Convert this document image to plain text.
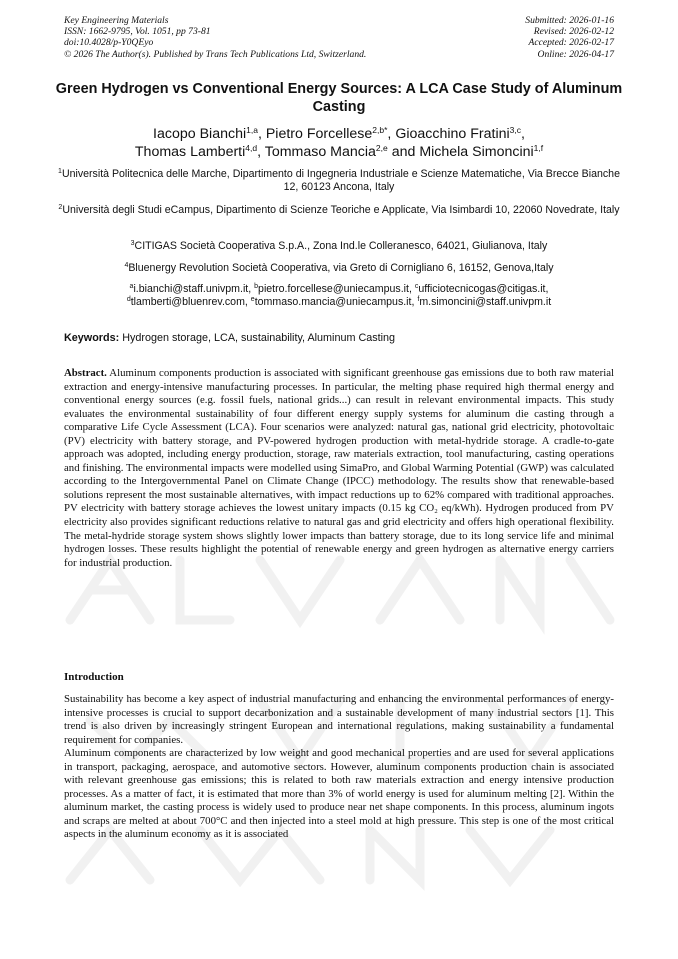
Key Engineering Materials
ISSN: 1662-9795, Vol. 1051, pp 73-81
doi:10.4028/p-Y0QEyo
© 2026 The Author(s). Published by Trans Tech Publications Ltd, Switzerland.
Submitted: 2026-01-16
Revised: 2026-02-12
Accepted: 2026-02-17
Online: 2026-04-17
Green Hydrogen vs Conventional Energy Sources: A LCA Case Study of Aluminum Casting
Iacopo Bianchi$^{1,a}$, Pietro Forcellese$^{2,b*}$, Gioacchino Fratini$^{3,c}$,
Thomas Lamberti$^{4,d}$, Tommaso Mancia$^{2,e}$ and Michela Simoncini$^{1,f}$
$^1$Università Politecnica delle Marche, Dipartimento di Ingegneria Industriale e Scienze Matematiche, Via Brecce Bianche 12, 60123 Ancona, Italy
$^2$Università degli Studi eCampus, Dipartimento di Scienze Teoriche e Applicate, Via Isimbardi 10, 22060 Novedrate, Italy
$^3$CITIGAS Società Cooperativa S.p.A., Zona Ind.le Colleranesco, 64021, Giulianova, Italy
$^4$Bluenergy Revolution Società Cooperativa, via Greto di Cornigliano 6, 16152, Genova,Italy
$^a$i.bianchi@staff.univpm.it, $^b$pietro.forcellese@uniecampus.it, $^c$ufficiotecnicogas@citigas.it,
$^d$tlamberti@bluenrev.com, $^e$tommaso.mancia@uniecampus.it, $^f$m.simoncini@staff.univpm.it
Keywords: Hydrogen storage, LCA, sustainability, Aluminum Casting
Abstract. Aluminum components production is associated with significant greenhouse gas emissions due to both raw material extraction and energy-intensive manufacturing processes. In particular, the melting phase required high thermal energy and conventional energy sources (e.g. fossil fuels, national grids...) can result in relevant environmental impacts. This study evaluates the environmental sustainability of four different energy supply systems for aluminum die casting through a comparative Life Cycle Assessment (LCA). Four scenarios were analyzed: natural gas, national grid electricity, photovoltaic (PV) electricity with battery storage, and PV-powered hydrogen production with metal-hydride storage. A cradle-to-gate approach was adopted, including energy production, storage, raw materials extraction, tool manufacturing, casting operations and finishing. The environmental impacts were modelled using SimaPro, and Global Warming Potential (GWP) was calculated according to the Intergovernmental Panel on Climate Change (IPCC) methodology. The results show that renewable-based solutions represent the most sustainable alternatives, with impact reductions up to 62% compared with traditional approaches. PV electricity with battery storage achieves the lowest unitary impacts (0.15 kg CO₂ eq/kWh). Hydrogen produced from PV electricity also provides significant reductions relative to natural gas and grid electricity and offers high operational flexibility. The metal-hydride storage system shows slightly lower impacts than battery storage, due to its long service life and minimal hydrogen losses. These results highlight the potential of renewable energy and green hydrogen as alternative energy carriers for industrial production.
Introduction

Sustainability has become a key aspect of industrial manufacturing and enhancing the environmental performances of energy-intensive processes is crucial to support decarbonization and a sustainable development of many industrial sectors [1]. This trend is also driven by increasingly stringent European and international regulations, making sustainability a fundamental requirement for companies.

Aluminum components are characterized by low weight and good mechanical properties and are used for several applications in transport, packaging, aerospace, and automotive sectors. However, aluminum components production chain is associated with relevant greenhouse gas emissions; this is related to both raw materials extraction and energy intensive production processes. As a matter of fact, it is estimated that more than 3% of world energy is used for aluminum melting [2]. Within the aluminum market, the casting process is widely used to produce near net shape components. In this process, aluminum ingots and scraps are melted at about 700°C and then injected into a steel mold at high pressure. This step is one of the most critical aspects in the aluminum economy as it is associated
